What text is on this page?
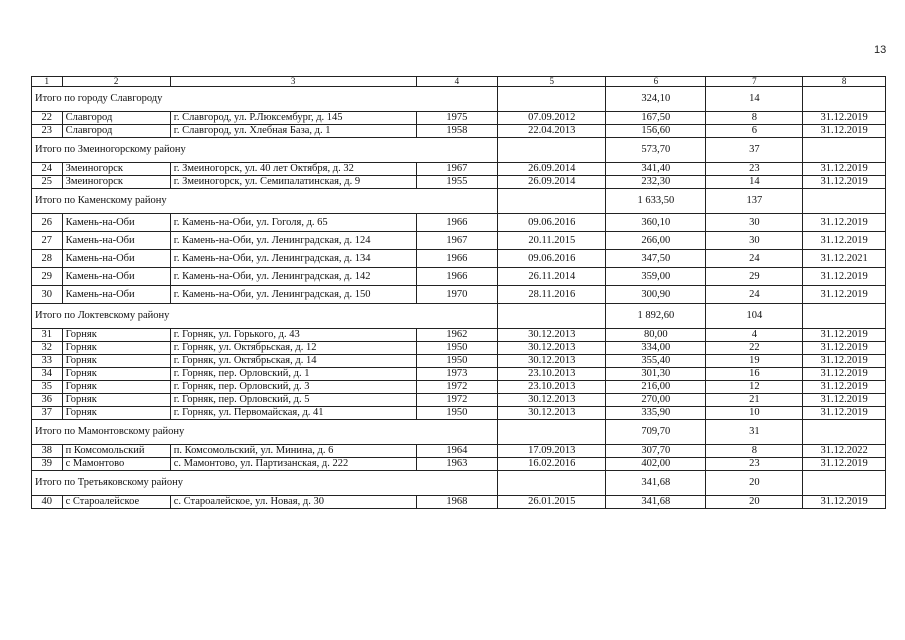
13
1	2	3	4	5	6	7	8
Итого по городу Славгороду					324,10	14	
22	Славгород	г. Славгород, ул. Р.Люксембург, д. 145	1975	07.09.2012	167,50	8	31.12.2019
23	Славгород	г. Славгород, ул. Хлебная База, д. 1	1958	22.04.2013	156,60	6	31.12.2019
Итого по Змеиногорскому району					573,70	37	
24	Змеиногорск	г. Змеиногорск, ул. 40 лет Октября, д. 32	1967	26.09.2014	341,40	23	31.12.2019
25	Змеиногорск	г. Змеиногорск, ул. Семипалатинская, д. 9	1955	26.09.2014	232,30	14	31.12.2019
Итого по Каменскому району					1 633,50	137	
26	Камень-на-Оби	г. Камень-на-Оби, ул. Гоголя, д. 65	1966	09.06.2016	360,10	30	31.12.2019
27	Камень-на-Оби	г. Камень-на-Оби, ул. Ленинградская, д. 124	1967	20.11.2015	266,00	30	31.12.2019
28	Камень-на-Оби	г. Камень-на-Оби, ул. Ленинградская, д. 134	1966	09.06.2016	347,50	24	31.12.2021
29	Камень-на-Оби	г. Камень-на-Оби, ул. Ленинградская, д. 142	1966	26.11.2014	359,00	29	31.12.2019
30	Камень-на-Оби	г. Камень-на-Оби, ул. Ленинградская, д. 150	1970	28.11.2016	300,90	24	31.12.2019
Итого по Локтевскому району					1 892,60	104	
31	Горняк	г. Горняк, ул. Горького, д. 43	1962	30.12.2013	80,00	4	31.12.2019
32	Горняк	г. Горняк, ул. Октябрьская, д. 12	1950	30.12.2013	334,00	22	31.12.2019
33	Горняк	г. Горняк, ул. Октябрьская, д. 14	1950	30.12.2013	355,40	19	31.12.2019
34	Горняк	г. Горняк, пер. Орловский, д. 1	1973	23.10.2013	301,30	16	31.12.2019
35	Горняк	г. Горняк, пер. Орловский, д. 3	1972	23.10.2013	216,00	12	31.12.2019
36	Горняк	г. Горняк, пер. Орловский, д. 5	1972	30.12.2013	270,00	21	31.12.2019
37	Горняк	г. Горняк, ул. Первомайская, д. 41	1950	30.12.2013	335,90	10	31.12.2019
Итого по Мамонтовскому району					709,70	31	
38	п Комсомольский	п. Комсомольский, ул. Минина, д. 6	1964	17.09.2013	307,70	8	31.12.2022
39	с Мамонтово	с. Мамонтово, ул. Партизанская, д. 222	1963	16.02.2016	402,00	23	31.12.2019
Итого по Третьяковскому району					341,68	20	
40	с Староалейское	с. Староалейское, ул. Новая, д. 30	1968	26.01.2015	341,68	20	31.12.2019
